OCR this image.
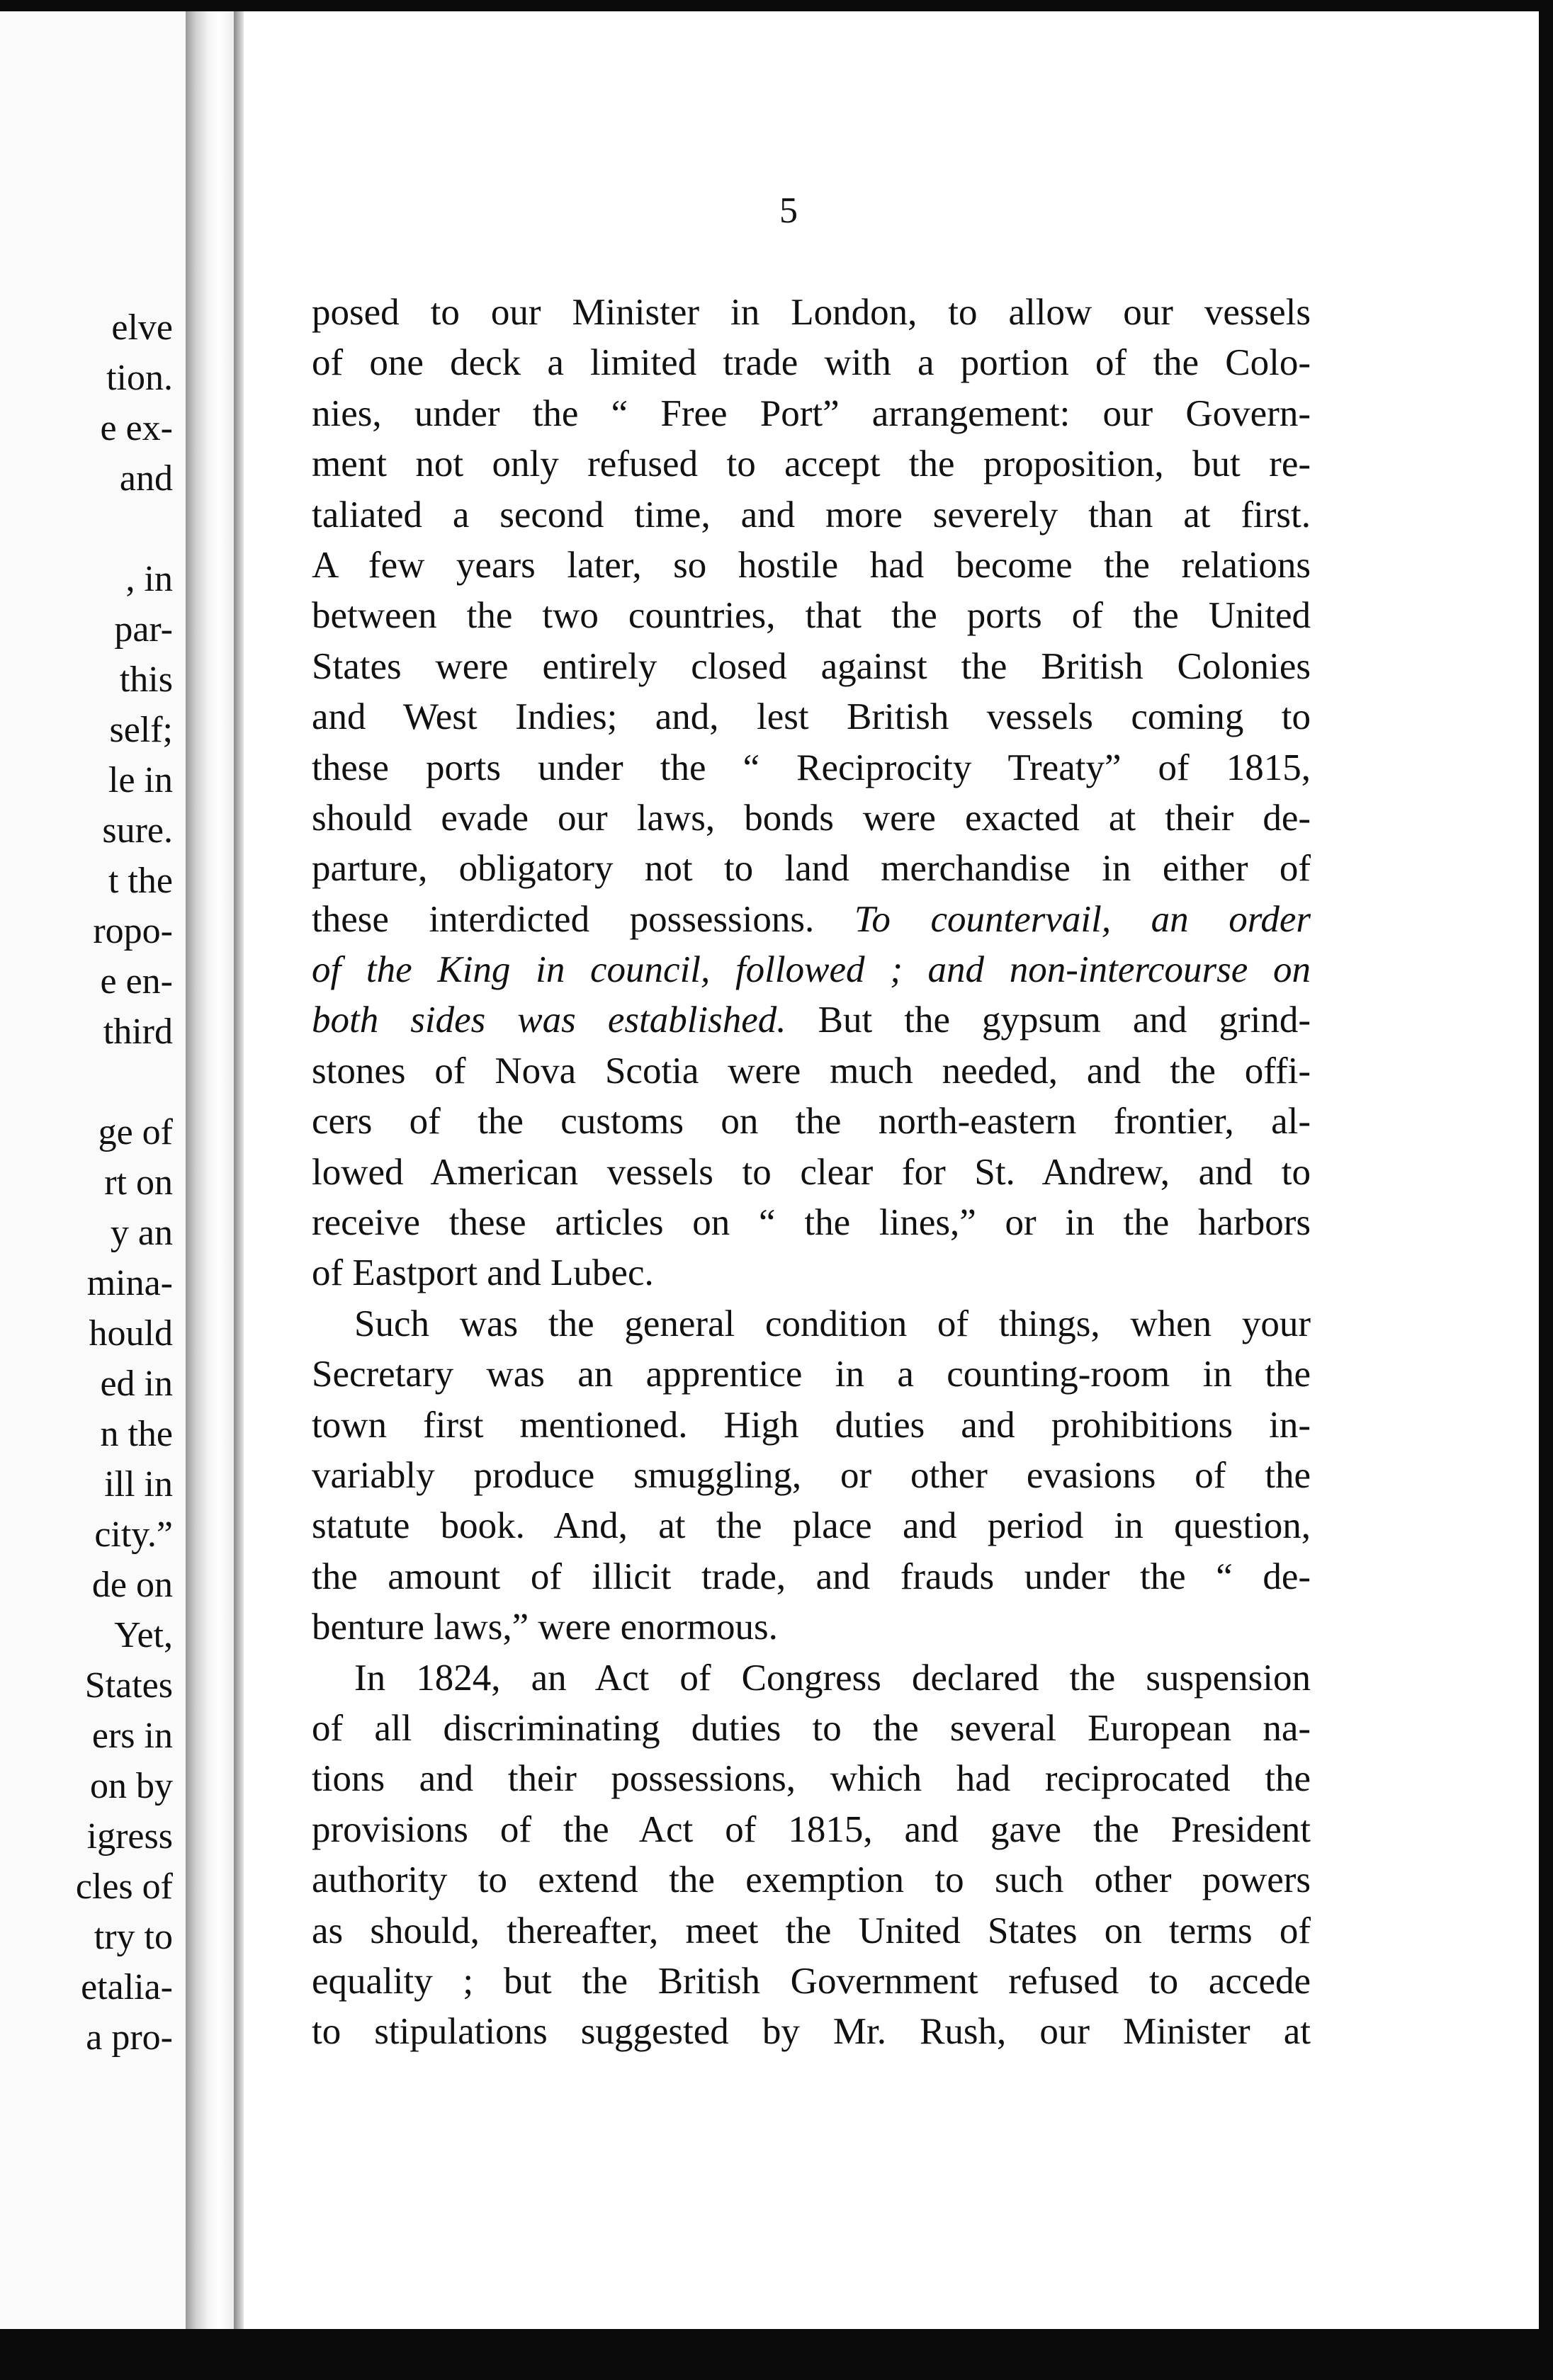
elve
tion.
e ex-
and
, in
par-
this
self;
le in
sure.
t the
ropo-
e en-
third
ge of
rt on
y an
mina-
hould
ed in
n the
ill in
city.”
de on
Yet,
States
ers in
on by
igress
cles of
try to
etalia-
a pro-
5
posed to our Minister in London, to allow our vessels
of one deck a limited trade with a portion of the Colo-
nies, under the “ Free Port” arrangement: our Govern-
ment not only refused to accept the proposition, but re-
taliated a second time, and more severely than at first.
A few years later, so hostile had become the relations
between the two countries, that the ports of the United
States were entirely closed against the British Colonies
and West Indies; and, lest British vessels coming to
these ports under the “ Reciprocity Treaty” of 1815,
should evade our laws, bonds were exacted at their de-
parture, obligatory not to land merchandise in either of
these interdicted possessions. To countervail, an order
of the King in council, followed ; and non-intercourse on
both sides was established. But the gypsum and grind-
stones of Nova Scotia were much needed, and the offi-
cers of the customs on the north-eastern frontier, al-
lowed American vessels to clear for St. Andrew, and to
receive these articles on “ the lines,” or in the harbors
of Eastport and Lubec.
Such was the general condition of things, when your
Secretary was an apprentice in a counting-room in the
town first mentioned. High duties and prohibitions in-
variably produce smuggling, or other evasions of the
statute book. And, at the place and period in question,
the amount of illicit trade, and frauds under the “ de-
benture laws,” were enormous.
In 1824, an Act of Congress declared the suspension
of all discriminating duties to the several European na-
tions and their possessions, which had reciprocated the
provisions of the Act of 1815, and gave the President
authority to extend the exemption to such other powers
as should, thereafter, meet the United States on terms of
equality ; but the British Government refused to accede
to stipulations suggested by Mr. Rush, our Minister at
